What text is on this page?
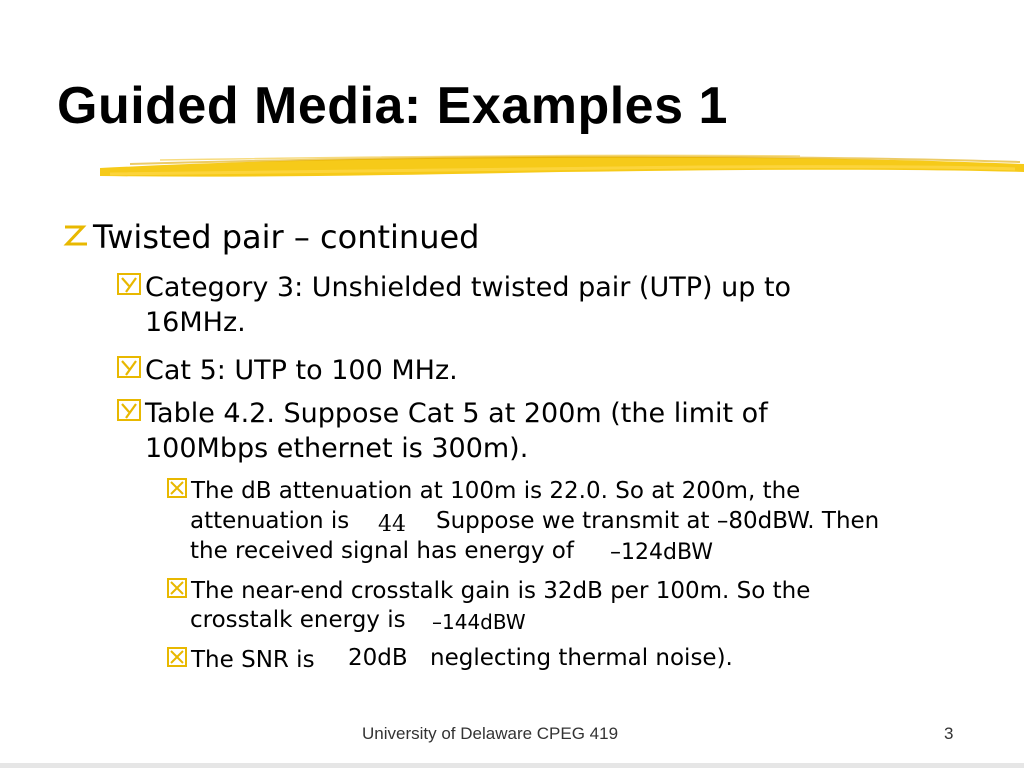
Guided Media: Examples 1
Twisted pair – continued
Category 3: Unshielded twisted pair (UTP) up to
16MHz.
Cat 5: UTP to 100 MHz.
Table 4.2. Suppose Cat 5 at 200m (the limit of
100Mbps ethernet is 300m).
The dB attenuation at 100m is 22.0. So at 200m, the
attenuation is	Suppose we transmit at –80dBW. Then
44
the received signal has energy of –124dBW
The near-end crosstalk gain is 32dB per 100m. So the
crosstalk energy is –144dBW
The SNR is	neglecting thermal noise).
20dB
University of Delaware CPEG 419	3
